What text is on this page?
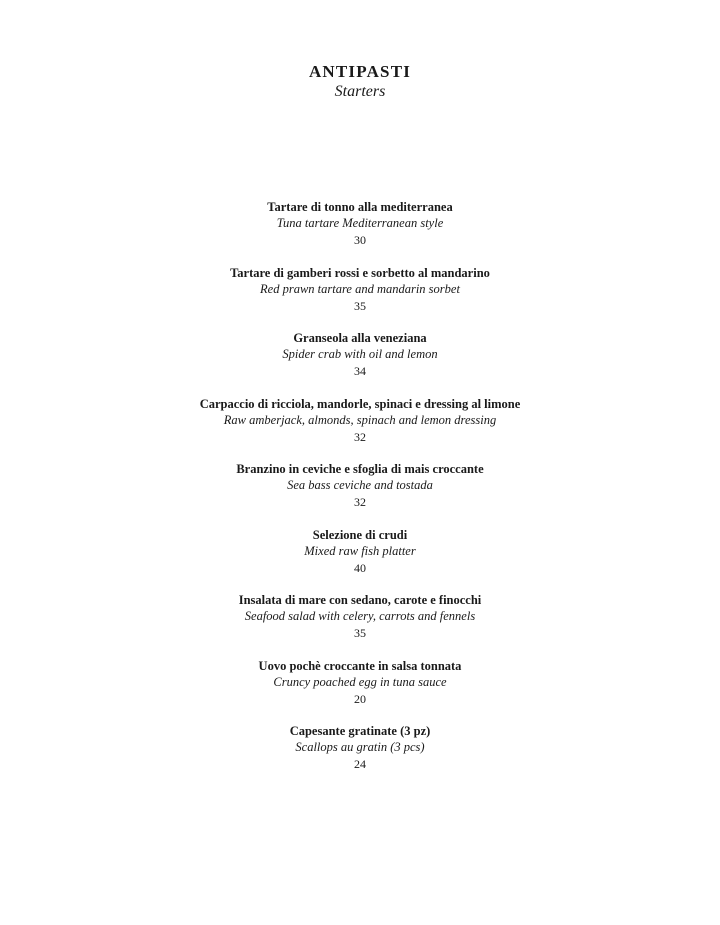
ANTIPASTI
Starters
Tartare di tonno alla mediterranea
Tuna tartare Mediterranean style
30
Tartare di gamberi rossi e sorbetto al mandarino
Red prawn tartare and mandarin sorbet
35
Granseola alla veneziana
Spider crab with oil and lemon
34
Carpaccio di ricciola, mandorle, spinaci e dressing al limone
Raw amberjack, almonds, spinach and lemon dressing
32
Branzino in ceviche e sfoglia di mais croccante
Sea bass ceviche and tostada
32
Selezione di crudi
Mixed raw fish platter
40
Insalata di mare con sedano, carote e finocchi
Seafood salad with celery, carrots and fennels
35
Uovo pochè croccante in salsa tonnata
Cruncy poached egg in tuna sauce
20
Capesante gratinate (3 pz)
Scallops au gratin (3 pcs)
24
